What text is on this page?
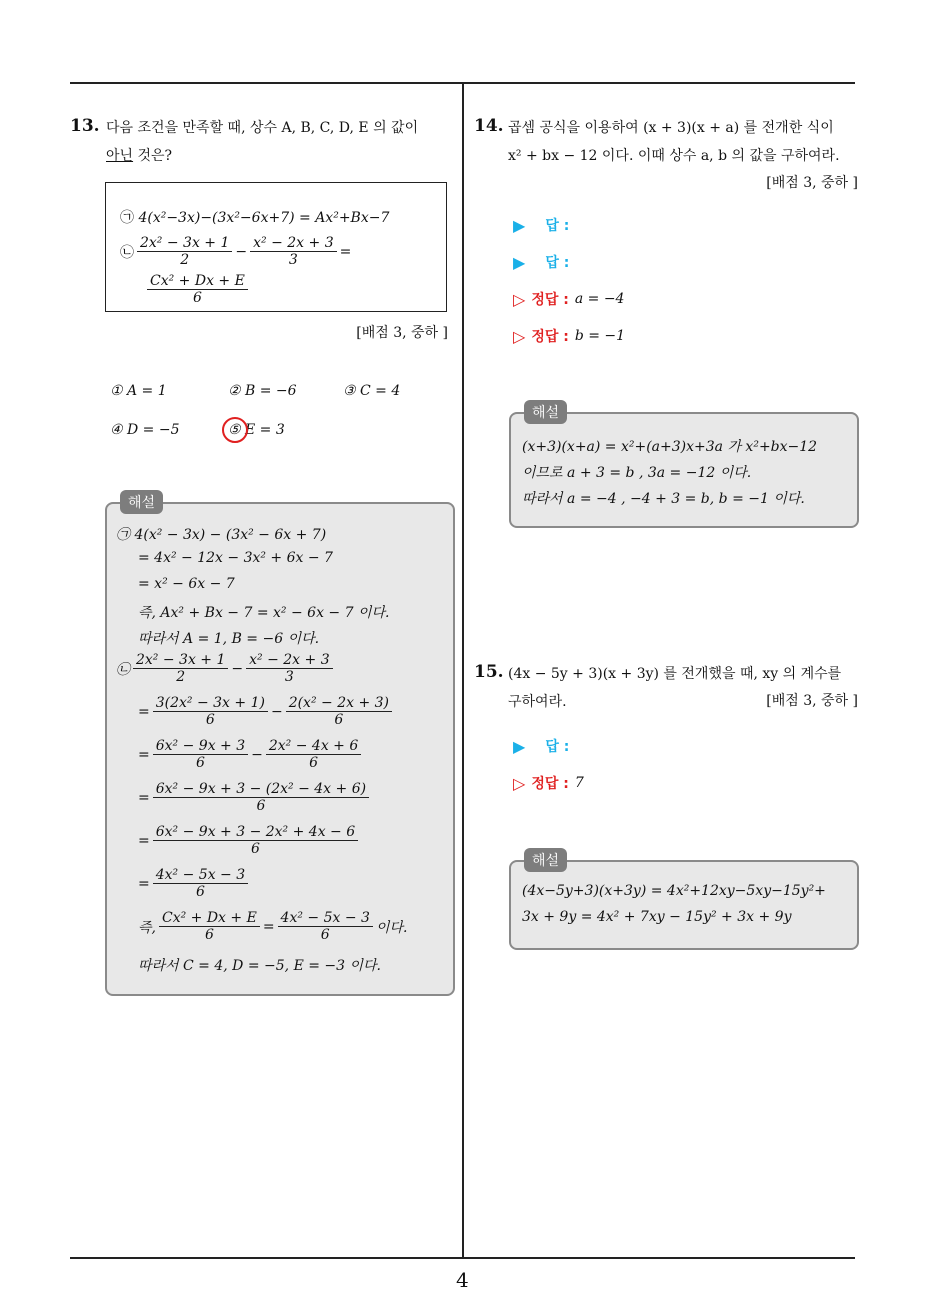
13. 다음 조건을 만족할 때, 상수 A, B, C, D, E 의 값이
아닌 것은?
㉠ 4(x²−3x)−(3x²−6x+7) = Ax²+Bx−7
㉡ $\frac{\text{2x² − 3x + 1}}{2} - \frac{\text{x² − 2x + 3}}{3}$ =
$\frac{\text{Cx² + Dx + E}}{6}$
[배점 3, 중하 ]
① A = 1	② B = −6	③ C = 4
④ D = −5	⑤ E = 3
해설
㉠ 4(x² − 3x) − (3x² − 6x + 7)
= 4x² − 12x − 3x² + 6x − 7
= x² − 6x − 7
즉, Ax² + Bx − 7 = x² − 6x − 7 이다.
따라서 A = 1, B = −6 이다.
㉡ $\frac{\text{2x² − 3x + 1}}{2} - \frac{\text{x² − 2x + 3}}{3}$
= $\frac{\text{3(2x² − 3x + 1)}}{6} - \frac{\text{2(x² − 2x + 3)}}{6}$
= $\frac{\text{6x² − 9x + 3}}{6} - \frac{\text{2x² − 4x + 6}}{6}$
= $\frac{\text{6x² − 9x + 3 − (2x² − 4x + 6)}}{6}$
= $\frac{\text{6x² − 9x + 3 − 2x² + 4x − 6}}{6}$
= $\frac{\text{4x² − 5x − 3}}{6}$
즉, $\frac{\text{Cx² + Dx + E}}{6} = \frac{\text{4x² − 5x − 3}}{6}$ 이다.
따라서 C = 4, D = −5, E = −3 이다.
14. 곱셈 공식을 이용하여 (x + 3)(x + a) 를 전개한 식이
x² + bx − 12 이다. 이때 상수 a, b 의 값을 구하여라.
[배점 3, 중하 ]
▶ 답 :
▶ 답 :
▷ 정답 : a = −4
▷ 정답 : b = −1
해설
(x+3)(x+a) = x²+(a+3)x+3a 가 x²+bx−12
이므로 a + 3 = b , 3a = −12 이다.
따라서 a = −4 , −4 + 3 = b, b = −1 이다.
15. (4x − 5y + 3)(x + 3y) 를 전개했을 때, xy 의 계수를
구하여라.	[배점 3, 중하 ]
▶ 답 :
▷ 정답 : 7
해설
(4x−5y+3)(x+3y) = 4x²+12xy−5xy−15y²+
3x + 9y = 4x² + 7xy − 15y² + 3x + 9y
4
